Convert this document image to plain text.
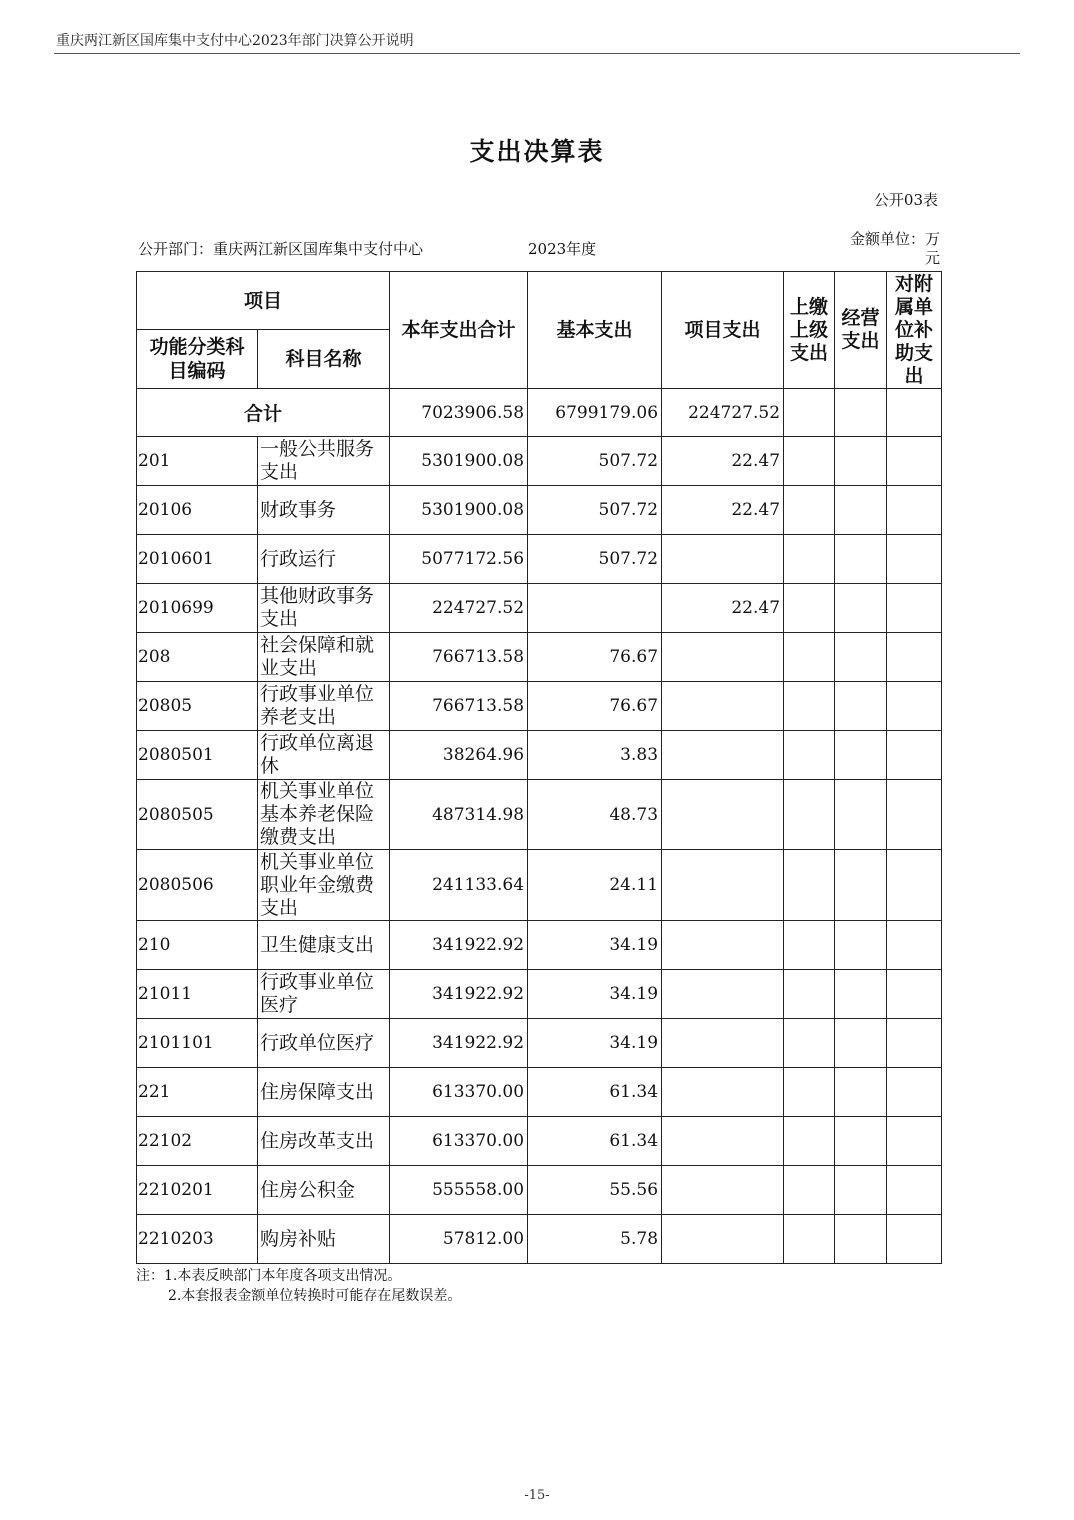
重庆两江新区国库集中支付中心2023年部门决算公开说明
支出决算表
公开03表
公开部门：重庆两江新区国库集中支付中心	2023年度
金额单位：万
元
项目		本年支出合计	基本支出	项目支出	上缴上级支出	经营支出	对附属单位补助支出
功能分类科目编码	科目名称						
合计		7023906.58	6799179.06	224727.52			
201	一般公共服务支出	5301900.08	507.72	22.47			
20106	财政事务	5301900.08	507.72	22.47			
2010601	行政运行	5077172.56	507.72				
2010699	其他财政事务支出	224727.52		22.47			
208	社会保障和就业支出	766713.58	76.67				
20805	行政事业单位养老支出	766713.58	76.67				
2080501	行政单位离退休	38264.96	3.83				
2080505	机关事业单位基本养老保险缴费支出	487314.98	48.73				
2080506	机关事业单位职业年金缴费支出	241133.64	24.11				
210	卫生健康支出	341922.92	34.19				
21011	行政事业单位医疗	341922.92	34.19				
2101101	行政单位医疗	341922.92	34.19				
221	住房保障支出	613370.00	61.34				
22102	住房改革支出	613370.00	61.34				
2210201	住房公积金	555558.00	55.56				
2210203	购房补贴	57812.00	5.78				
注：1.本表反映部门本年度各项支出情况。
2.本套报表金额单位转换时可能存在尾数误差。
-15-
